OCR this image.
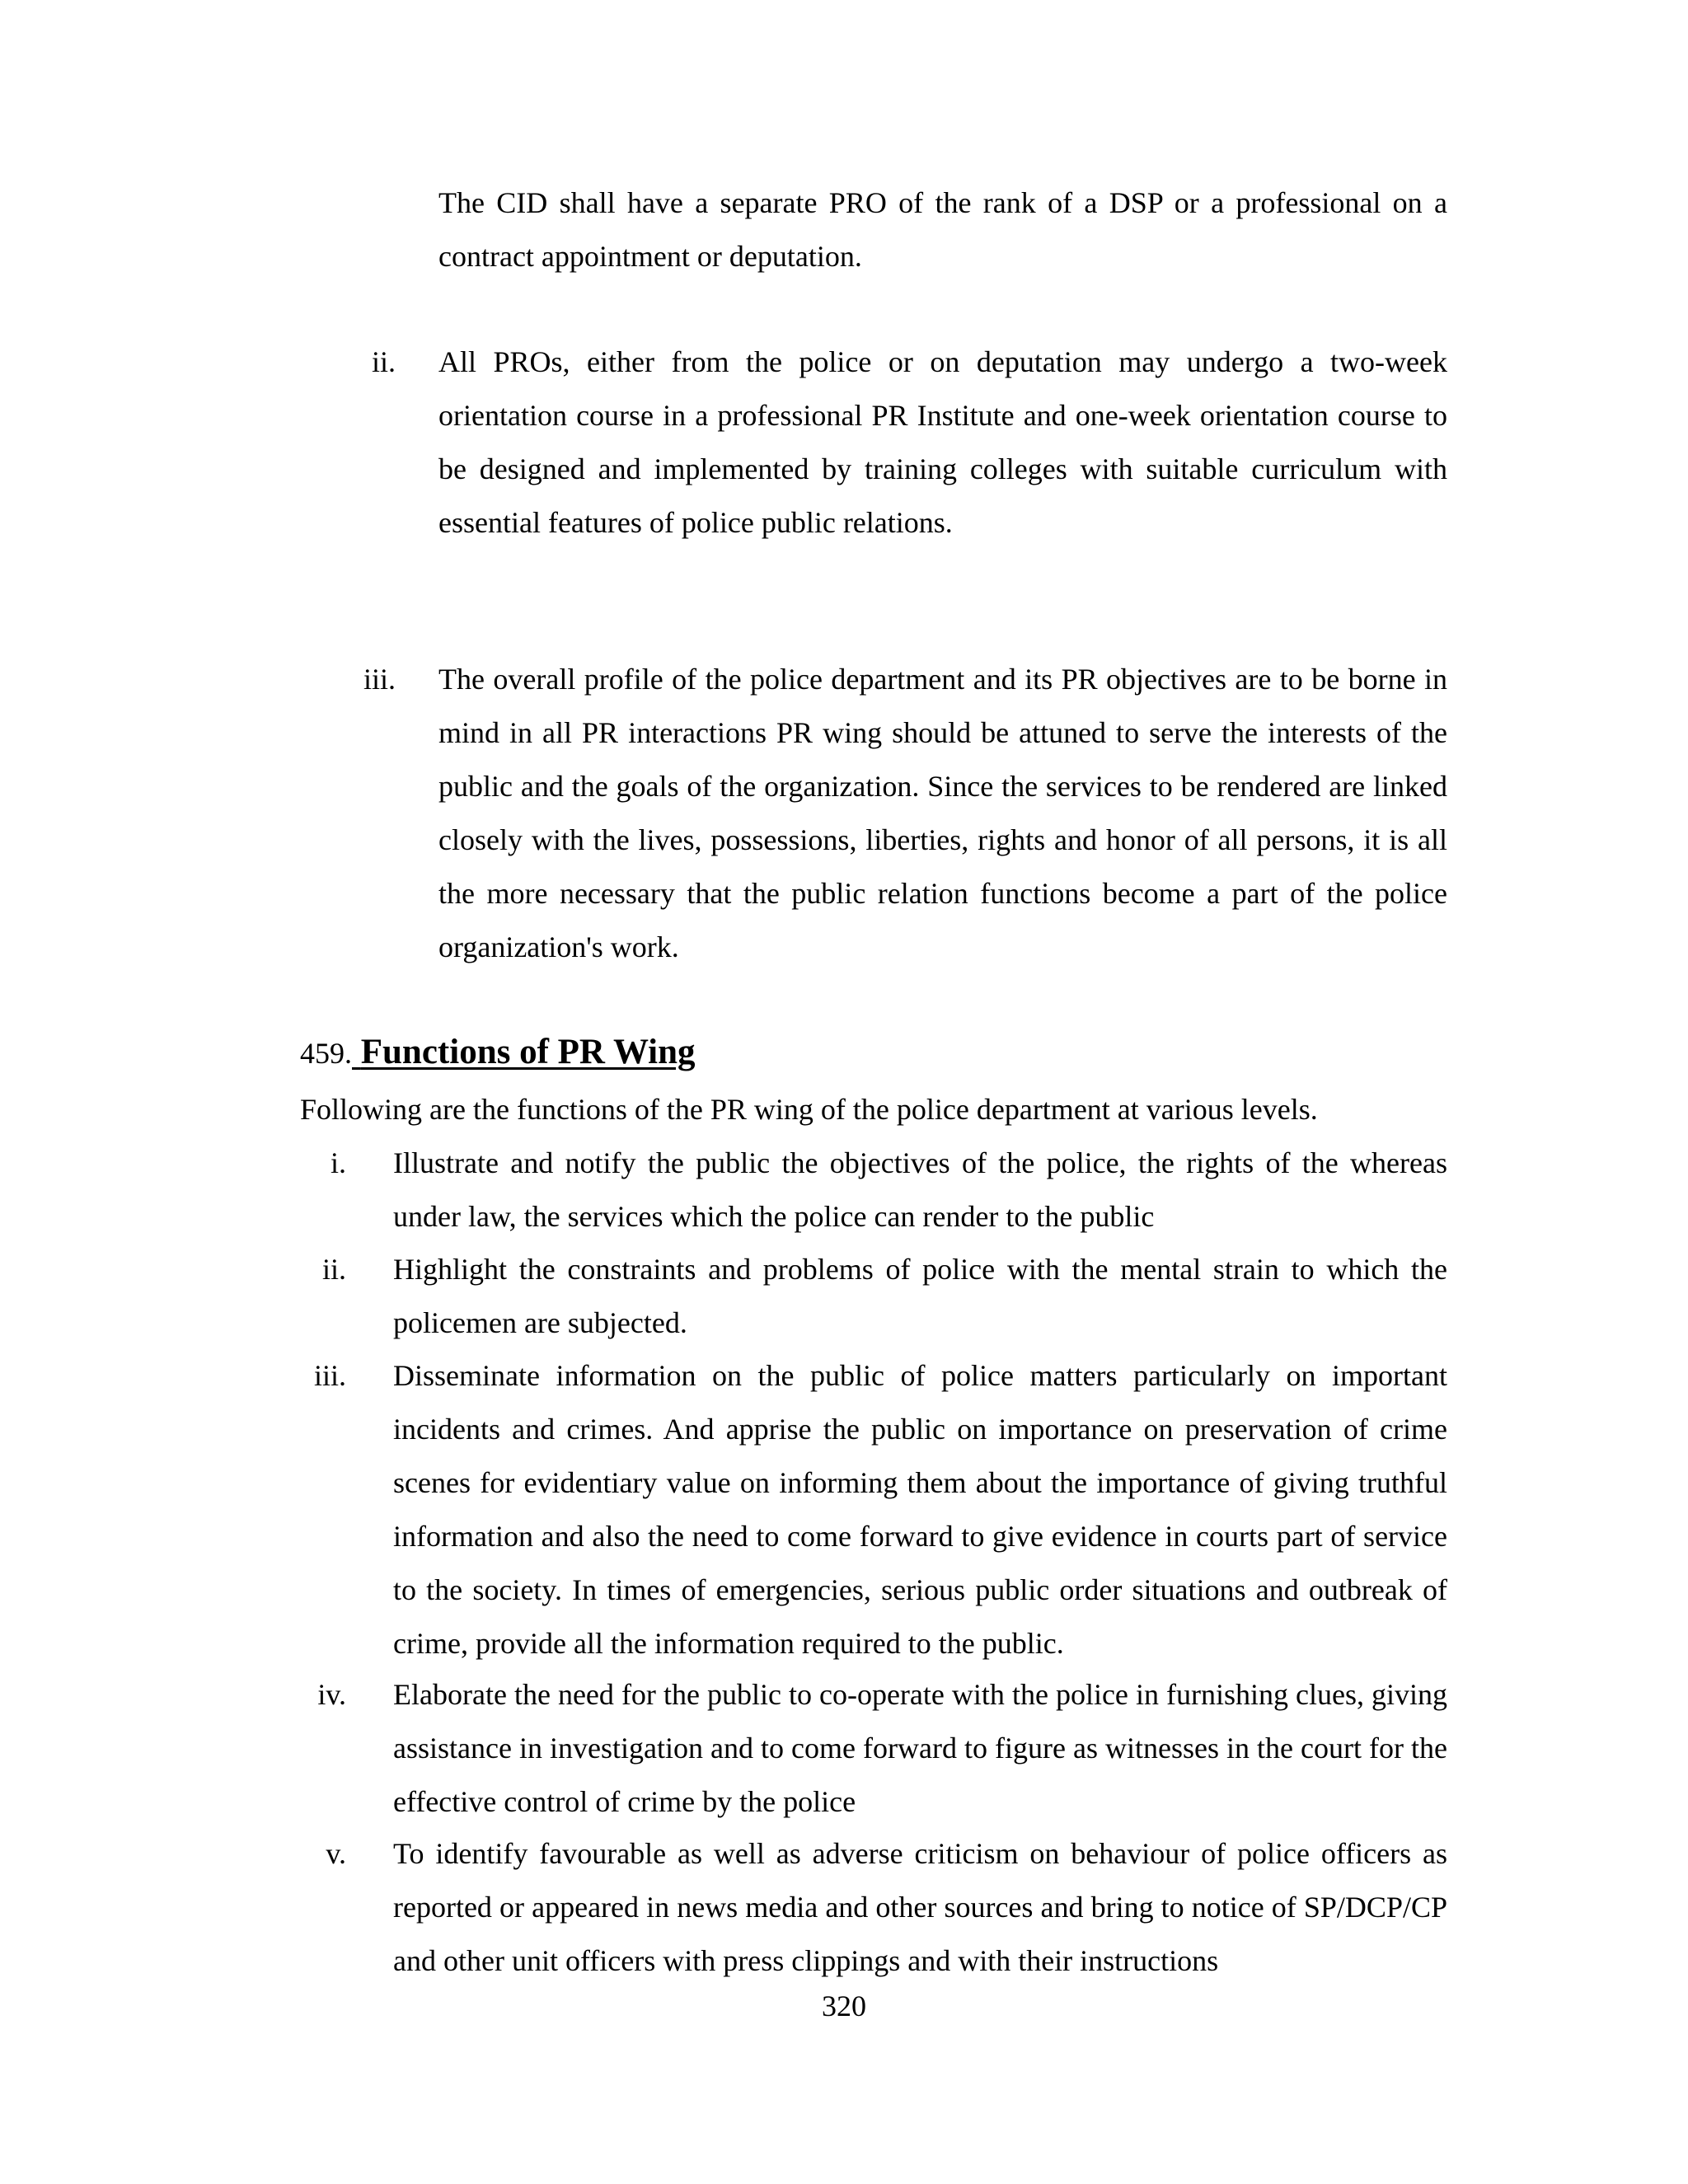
The CID shall have a separate PRO of the rank of a DSP or a professional on a contract appointment or deputation.

ii. All PROs, either from the police or on deputation may undergo a two-week orientation course in a professional PR Institute and one-week orientation course to be designed and implemented by training colleges with suitable curriculum with essential features of police public relations.

iii. The overall profile of the police department and its PR objectives are to be borne in mind in all PR interactions PR wing should be attuned to serve the interests of the public and the goals of the organization. Since the services to be rendered are linked closely with the lives, possessions, liberties, rights and honor of all persons, it is all the more necessary that the public relation functions become a part of the police organization's work.

459. Functions of PR Wing

Following are the functions of the PR wing of the police department at various levels.

i. Illustrate and notify the public the objectives of the police, the rights of the whereas under law, the services which the police can render to the public

ii. Highlight the constraints and problems of police with the mental strain to which the policemen are subjected.

iii. Disseminate information on the public of police matters particularly on important incidents and crimes. And apprise the public on importance on preservation of crime scenes for evidentiary value on informing them about the importance of giving truthful information and also the need to come forward to give evidence in courts part of service to the society. In times of emergencies, serious public order situations and outbreak of crime, provide all the information required to the public.

iv. Elaborate the need for the public to co-operate with the police in furnishing clues, giving assistance in investigation and to come forward to figure as witnesses in the court for the effective control of crime by the police

v. To identify favourable as well as adverse criticism on behaviour of police officers as reported or appeared in news media and other sources and bring to notice of SP/DCP/CP and other unit officers with press clippings and with their instructions

320
